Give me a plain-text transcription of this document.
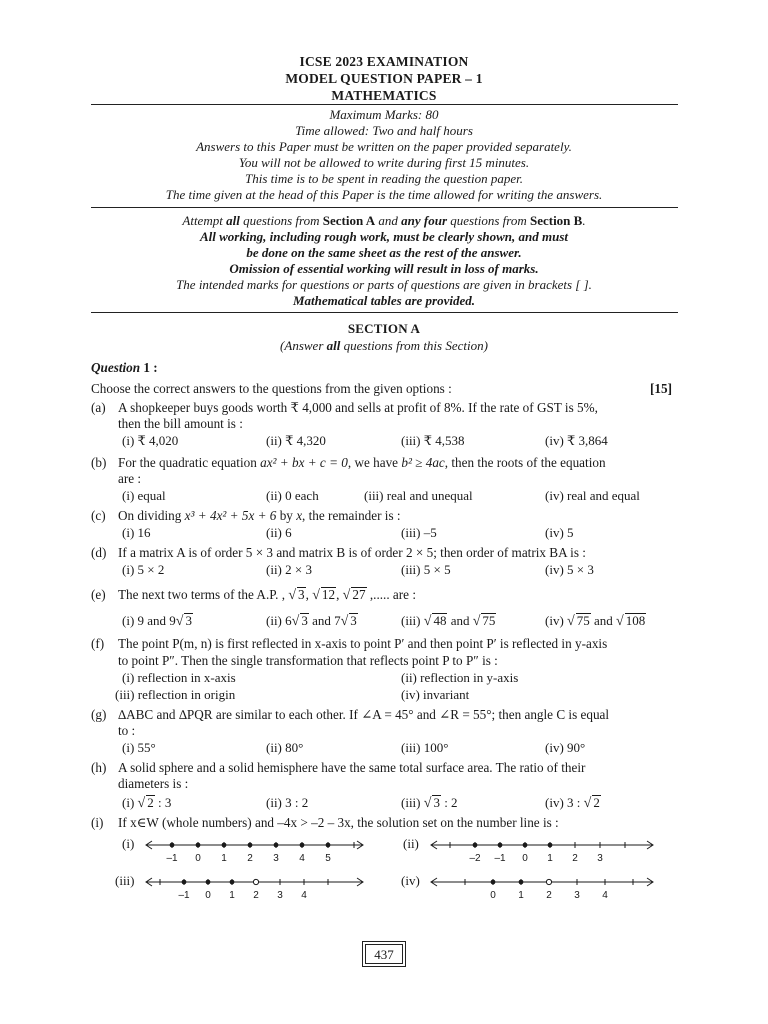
ICSE 2023 EXAMINATION
MODEL QUESTION PAPER – 1
MATHEMATICS
Maximum Marks: 80
Time allowed: Two and half hours
Answers to this Paper must be written on the paper provided separately.
You will not be allowed to write during first 15 minutes.
This time is to be spent in reading the question paper.
The time given at the head of this Paper is the time allowed for writing the answers.
Attempt all questions from Section A and any four questions from Section B.
All working, including rough work, must be clearly shown, and must
be done on the same sheet as the rest of the answer.
Omission of essential working will result in loss of marks.
The intended marks for questions or parts of questions are given in brackets [ ].
Mathematical tables are provided.
SECTION A
(Answer all questions from this Section)
Question 1 :
Choose the correct answers to the questions from the given options :	[15]
(a) A shopkeeper buys goods worth ₹ 4,000 and sells at profit of 8%. If the rate of GST is 5%,
then the bill amount is :
(i) ₹ 4,020	(ii) ₹ 4,320	(iii) ₹ 4,538	(iv) ₹ 3,864
(b) For the quadratic equation ax² + bx + c = 0, we have b² ≥ 4ac, then the roots of the equation
are :
(i) equal	(ii) 0 each	(iii) real and unequal	(iv) real and equal
(c) On dividing x³ + 4x² + 5x + 6 by x, the remainder is :
(i) 16	(ii) 6	(iii) –5	(iv) 5
(d) If a matrix A is of order 5 × 3 and matrix B is of order 2 × 5; then order of matrix BA is :
(i) 5 × 2	(ii) 2 × 3	(iii) 5 × 5	(iv) 5 × 3
(e) The next two terms of the A.P. , √ 3, √ 12, √ 27 ,..... are :
(i) 9 and 9√ 3	(ii) 6√ 3 and 7√ 3	(iii) √ 48 and √ 75	(iv) √ 75 and √ 108
(f) The point P(m, n) is first reflected in x-axis to point P′ and then point P′ is reflected in y-axis
to point P″. Then the single transformation that reflects point P to P″ is :
(i) reflection in x-axis	(ii) reflection in y-axis
(iii) reflection in origin	(iv) invariant
(g) ∆ABC and ∆PQR are similar to each other. If ∠A = 45° and ∠R = 55°; then angle C is equal
to :
(i) 55°	(ii) 80°	(iii) 100°	(iv) 90°
(h) A solid sphere and a solid hemisphere have the same total surface area. The ratio of their
diameters is :
(i) √ 2 : 3	(ii) 3 : 2	(iii) √ 3 : 2	(iv) 3 : √ 2
(i) If x∈W (whole numbers) and –4x > –2 – 3x, the solution set on the number line is :
(i)
–1 0 1 2 3 4 5
(ii)
–2 –1 0 1 2 3
(iii)
–1 0 1 2 3 4
(iv)
0 1 2 3 4
437
